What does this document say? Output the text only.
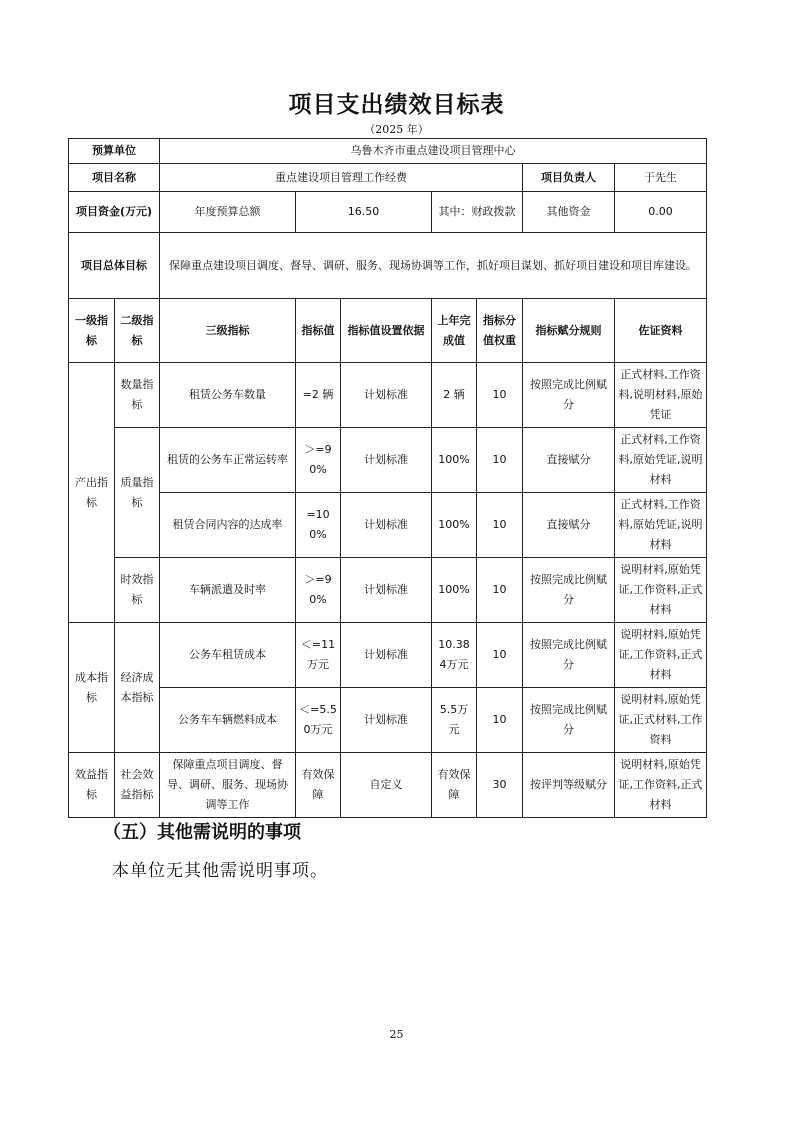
项目支出绩效目标表
（2025 年）
预算单位		乌鲁木齐市重点建设项目管理中心						
项目名称		重点建设项目管理工作经费					项目负责人	于先生
项目资金(万元)		年度预算总额	16.50		其中：财政拨款		其他资金	0.00
项目总体目标		保障重点建设项目调度、督导、调研、服务、现场协调等工作，抓好项目谋划、抓好项目建设和项目库建设。						
一级指标	二级指标	三级指标	指标值	指标值设置依据	上年完成值	指标分值权重	指标赋分规则	佐证资料
产出指标	数量指标	租赁公务车数量	=2 辆	计划标准	2 辆	10	按照完成比例赋分	正式材料,工作资料,说明材料,原始凭证
	质量指标	租赁的公务车正常运转率	＞=90%	计划标准	100%	10	直接赋分	正式材料,工作资料,原始凭证,说明材料
		租赁合同内容的达成率	=100%	计划标准	100%	10	直接赋分	正式材料,工作资料,原始凭证,说明材料
	时效指标	车辆派遣及时率	＞=90%	计划标准	100%	10	按照完成比例赋分	说明材料,原始凭证,工作资料,正式材料
成本指标	经济成本指标	公务车租赁成本	＜=11万元	计划标准	10.384万元	10	按照完成比例赋分	说明材料,原始凭证,工作资料,正式材料
		公务车车辆燃料成本	＜=5.50万元	计划标准	5.5万元	10	按照完成比例赋分	说明材料,原始凭证,正式材料,工作资料
效益指标	社会效益指标	保障重点项目调度、督导、调研、服务、现场协调等工作	有效保障	自定义	有效保障	30	按评判等级赋分	说明材料,原始凭证,工作资料,正式材料
（五）其他需说明的事项
本单位无其他需说明事项。
25
